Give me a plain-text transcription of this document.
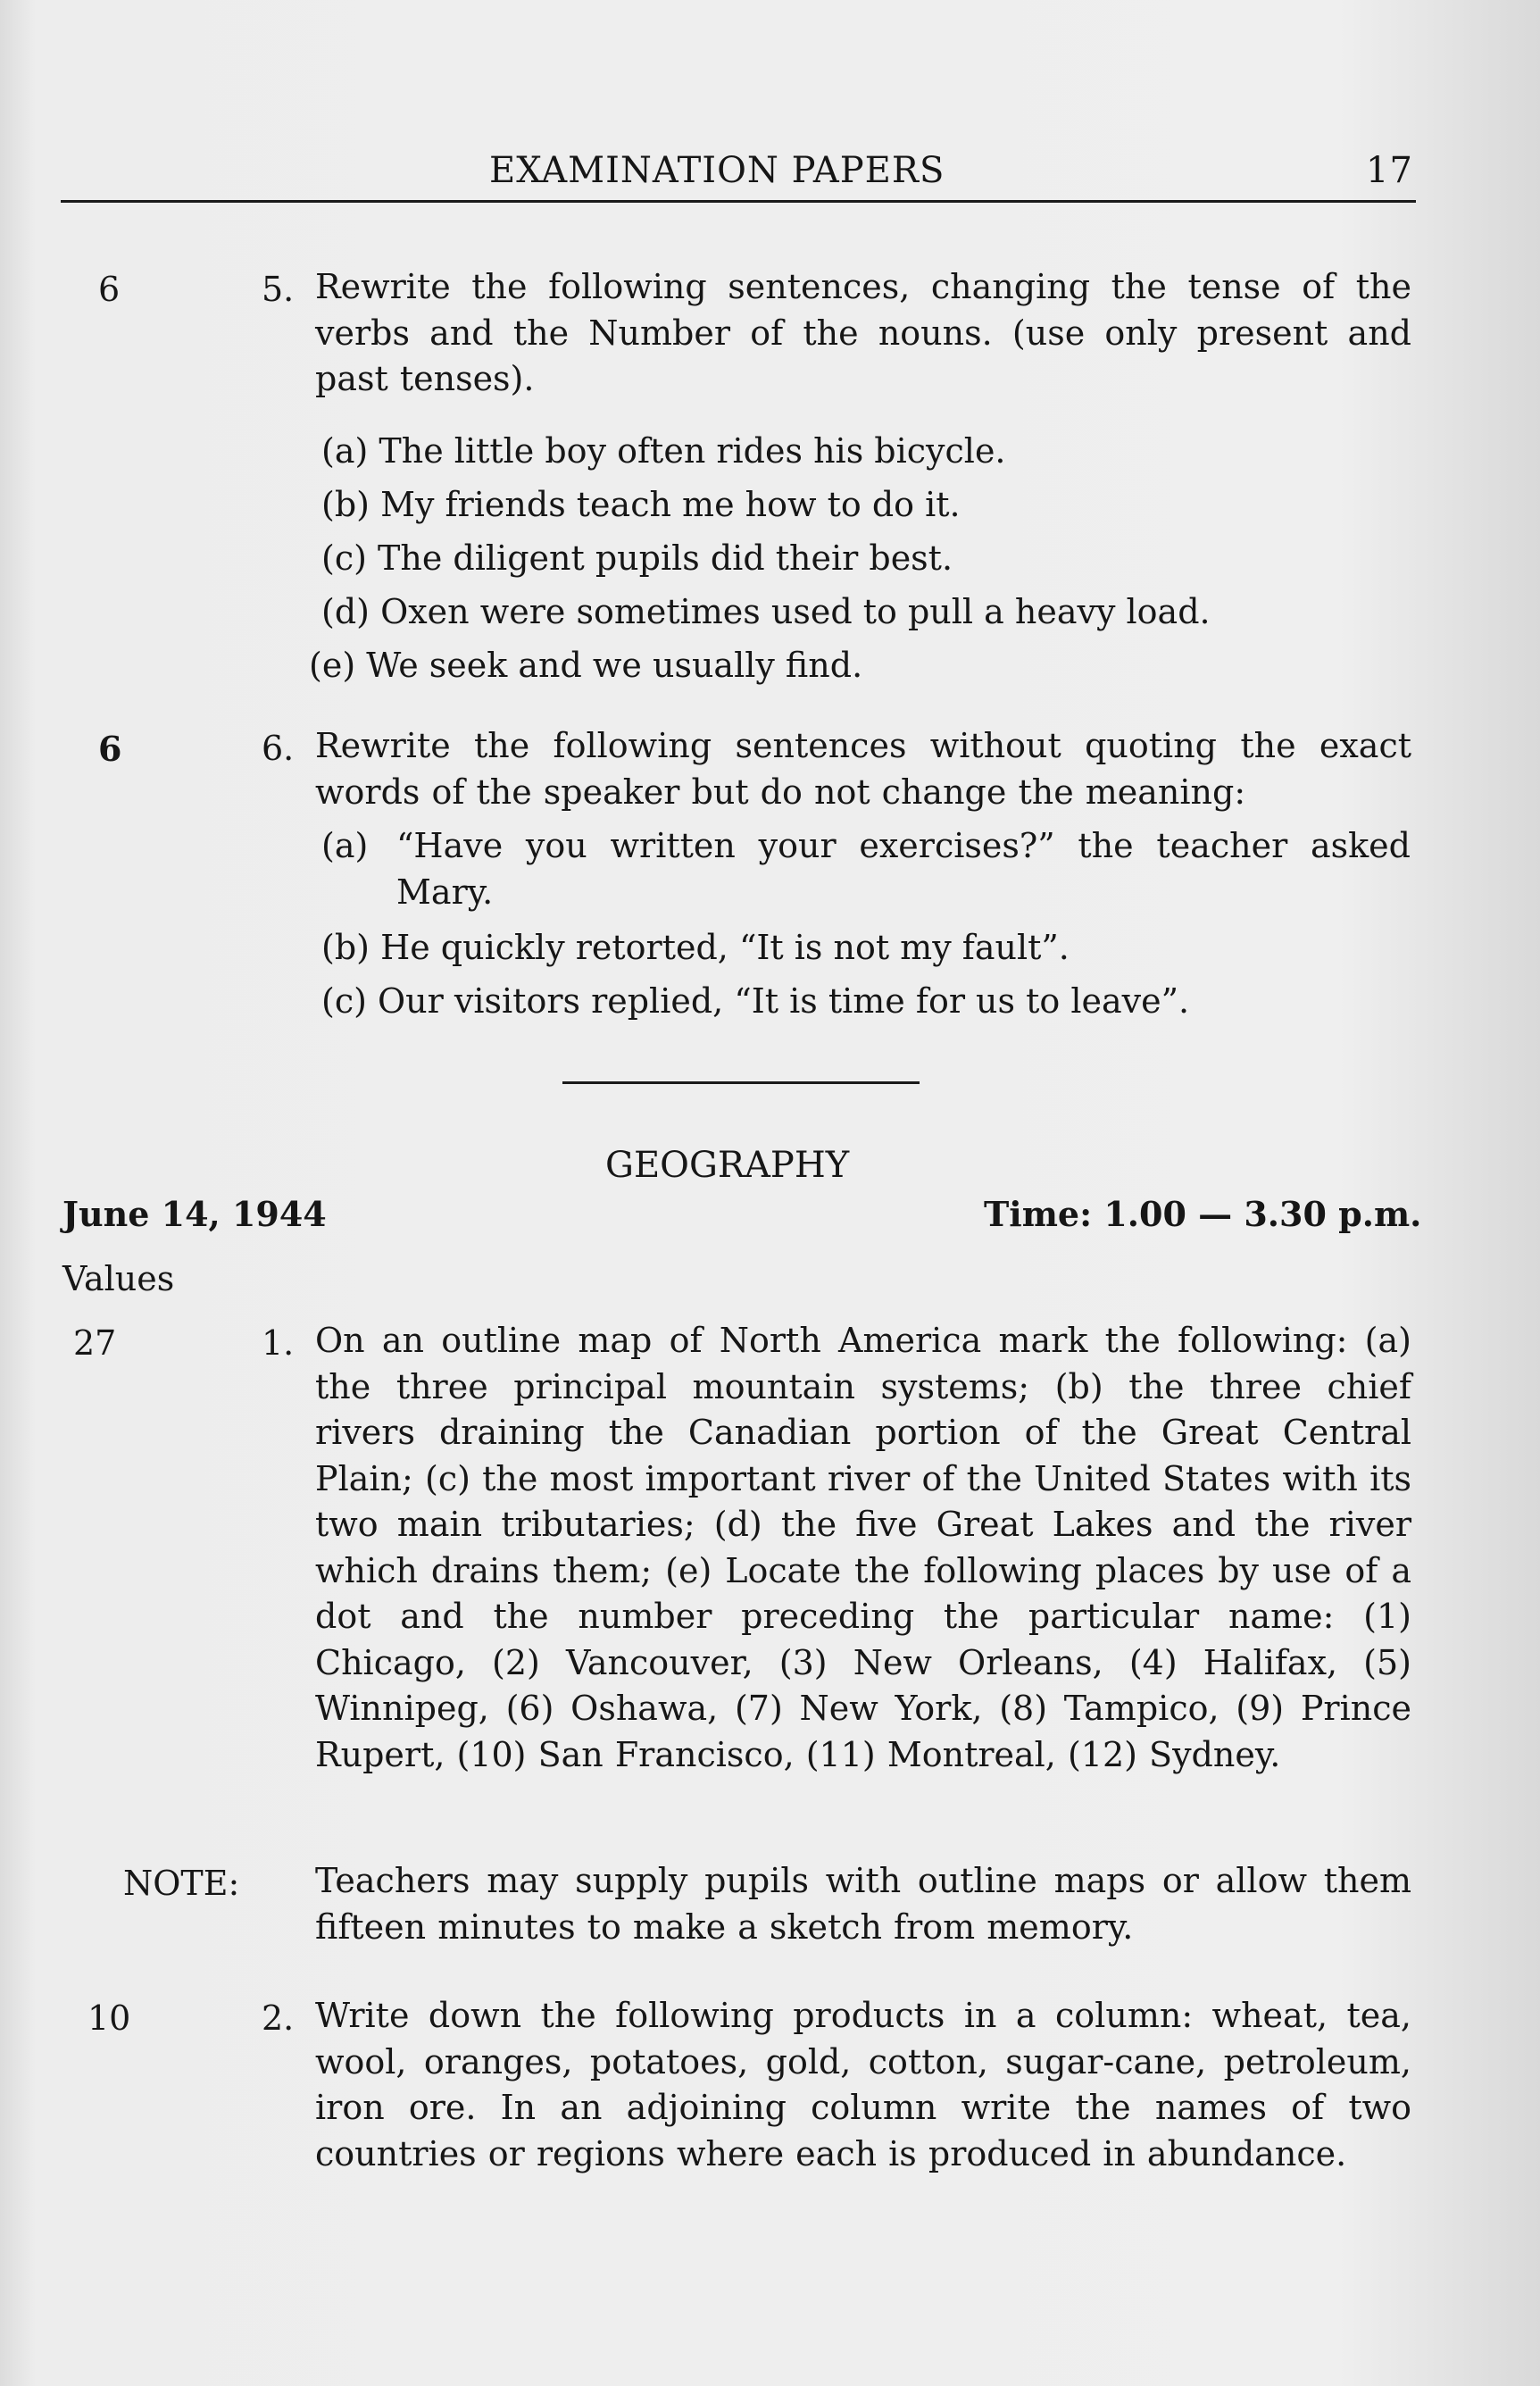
EXAMINATION PAPERS	17
6	5. Rewrite the following sentences, changing the tense of the verbs and the Number of the nouns. (use only present and past tenses).
(a) The little boy often rides his bicycle.
(b) My friends teach me how to do it.
(c) The diligent pupils did their best.
(d) Oxen were sometimes used to pull a heavy load.
(e) We seek and we usually find.
6	6. Rewrite the following sentences without quoting the exact words of the speaker but do not change the meaning:
(a) “Have you written your exercises?” the teacher asked Mary.
(b) He quickly retorted, “It is not my fault”.
(c) Our visitors replied, “It is time for us to leave”.
GEOGRAPHY
June 14, 1944	Time: 1.00 — 3.30 p.m.
Values
27	1. On an outline map of North America mark the following: (a) the three principal mountain systems; (b) the three chief rivers draining the Canadian portion of the Great Central Plain; (c) the most important river of the United States with its two main tributaries; (d) the five Great Lakes and the river which drains them; (e) Locate the following places by use of a dot and the number preceding the particular name: (1) Chicago, (2) Vancouver, (3) New Orleans, (4) Halifax, (5) Winnipeg, (6) Oshawa, (7) New York, (8) Tampico, (9) Prince Rupert, (10) San Francisco, (11) Montreal, (12) Sydney.
NOTE: Teachers may supply pupils with outline maps or allow them fifteen minutes to make a sketch from memory.
10	2. Write down the following products in a column: wheat, tea, wool, oranges, potatoes, gold, cotton, sugar-cane, petroleum, iron ore. In an adjoining column write the names of two countries or regions where each is produced in abundance.
